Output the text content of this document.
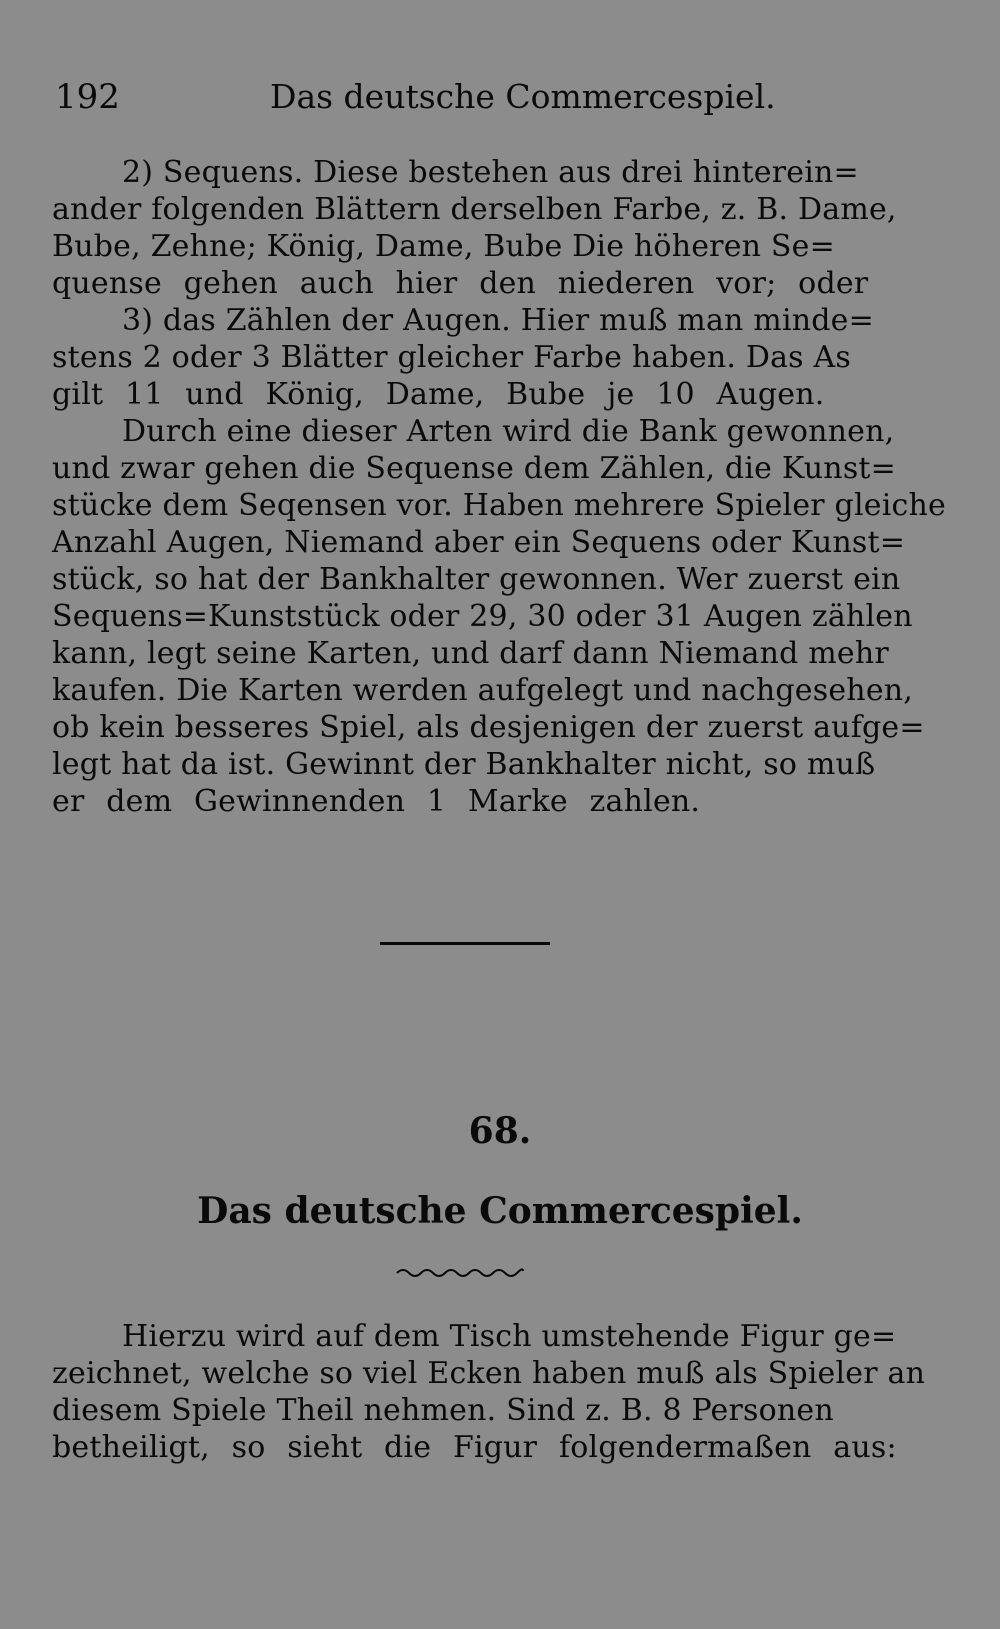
192	Das deutsche Commercespiel.
2) Sequens. Diese bestehen aus drei hinterein=
ander folgenden Blättern derselben Farbe, z. B. Dame,
Bube, Zehne; König, Dame, Bube Die höheren Se=
quense gehen auch hier den niederen vor; oder
3) das Zählen der Augen. Hier muß man minde=
stens 2 oder 3 Blätter gleicher Farbe haben. Das As
gilt 11 und König, Dame, Bube je 10 Augen.
Durch eine dieser Arten wird die Bank gewonnen,
und zwar gehen die Sequense dem Zählen, die Kunst=
stücke dem Seqensen vor. Haben mehrere Spieler gleiche
Anzahl Augen, Niemand aber ein Sequens oder Kunst=
stück, so hat der Bankhalter gewonnen. Wer zuerst ein
Sequens=Kunststück oder 29, 30 oder 31 Augen zählen
kann, legt seine Karten, und darf dann Niemand mehr
kaufen. Die Karten werden aufgelegt und nachgesehen,
ob kein besseres Spiel, als desjenigen der zuerst aufge=
legt hat da ist. Gewinnt der Bankhalter nicht, so muß
er dem Gewinnenden 1 Marke zahlen.
68.
Das deutsche Commercespiel.
Hierzu wird auf dem Tisch umstehende Figur ge=
zeichnet, welche so viel Ecken haben muß als Spieler an
diesem Spiele Theil nehmen. Sind z. B. 8 Personen
betheiligt, so sieht die Figur folgendermaßen aus:
